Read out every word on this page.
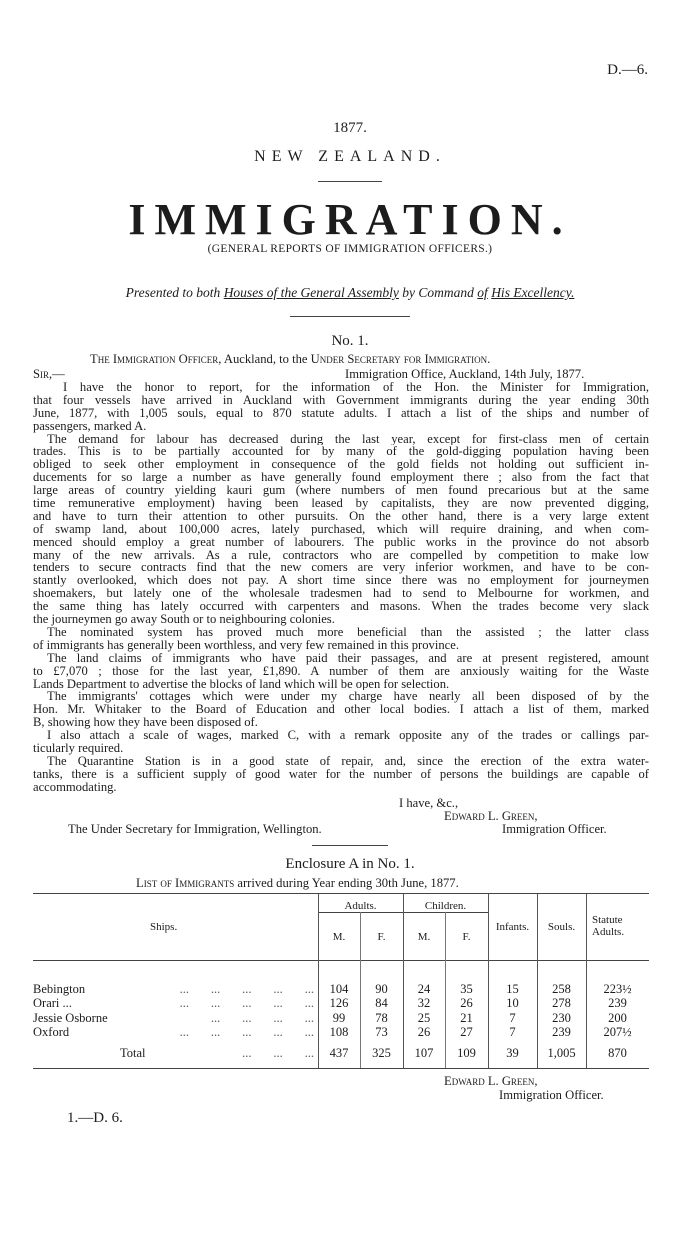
D.—6.
1877.
NEW ZEALAND.
IMMIGRATION.
(GENERAL REPORTS OF IMMIGRATION OFFICERS.)
Presented to both Houses of the General Assembly by Command of His Excellency.
No. 1.
The Immigration Officer, Auckland, to the Under Secretary for Immigration.
Sir,—	Immigration Office, Auckland, 14th July, 1877.
I have the honor to report, for the information of the Hon. the Minister for Immigration,
that four vessels have arrived in Auckland with Government immigrants during the year ending 30th
June, 1877, with 1,005 souls, equal to 870 statute adults. I attach a list of the ships and number of
passengers, marked A.
The demand for labour has decreased during the last year, except for first-class men of certain
trades. This is to be partially accounted for by many of the gold-digging population having been
obliged to seek other employment in consequence of the gold fields not holding out sufficient in-
ducements for so large a number as have generally found employment there ; also from the fact that
large areas of country yielding kauri gum (where numbers of men found precarious but at the same
time remunerative employment) having been leased by capitalists, they are now prevented digging,
and have to turn their attention to other pursuits. On the other hand, there is a very large extent
of swamp land, about 100,000 acres, lately purchased, which will require draining, and when com-
menced should employ a great number of labourers. The public works in the province do not absorb
many of the new arrivals. As a rule, contractors who are compelled by competition to make low
tenders to secure contracts find that the new comers are very inferior workmen, and have to be con-
stantly overlooked, which does not pay. A short time since there was no employment for journeymen
shoemakers, but lately one of the wholesale tradesmen had to send to Melbourne for workmen, and
the same thing has lately occurred with carpenters and masons. When the trades become very slack
the journeymen go away South or to neighbouring colonies.
The nominated system has proved much more beneficial than the assisted ; the latter class
of immigrants has generally been worthless, and very few remained in this province.
The land claims of immigrants who have paid their passages, and are at present registered, amount
to £7,070 ; those for the last year, £1,890. A number of them are anxiously waiting for the Waste
Lands Department to advertise the blocks of land which will be open for selection.
The immigrants' cottages which were under my charge have nearly all been disposed of by the
Hon. Mr. Whitaker to the Board of Education and other local bodies. I attach a list of them, marked
B, showing how they have been disposed of.
I also attach a scale of wages, marked C, with a remark opposite any of the trades or callings par-
ticularly required.
The Quarantine Station is in a good state of repair, and, since the erection of the extra water-
tanks, there is a sufficient supply of good water for the number of persons the buildings are capable of
accommodating.
I have, &c.,
Edward L. Green,
The Under Secretary for Immigration, Wellington.	Immigration Officer.
Enclosure A in No. 1.
List of Immigrants arrived during Year ending 30th June, 1877.
Ships.
Adults.	Children.
M.	F.	M.	F.
Infants.	Souls.
Statute Adults.
Bebington	...       ...       ...       ...       ...	104	90	24	35	15	258	223½
Orari ...	...       ...       ...       ...       ...	126	84	32	26	10	278	239
Jessie Osborne	...       ...       ...       ...	99	78	25	21	7	230	200
Oxford	...       ...       ...       ...       ...	108	73	26	27	7	239	207½
Total	...       ...       ...	437	325	107	109	39	1,005	870
Edward L. Green,
Immigration Officer.
1.—D. 6.
